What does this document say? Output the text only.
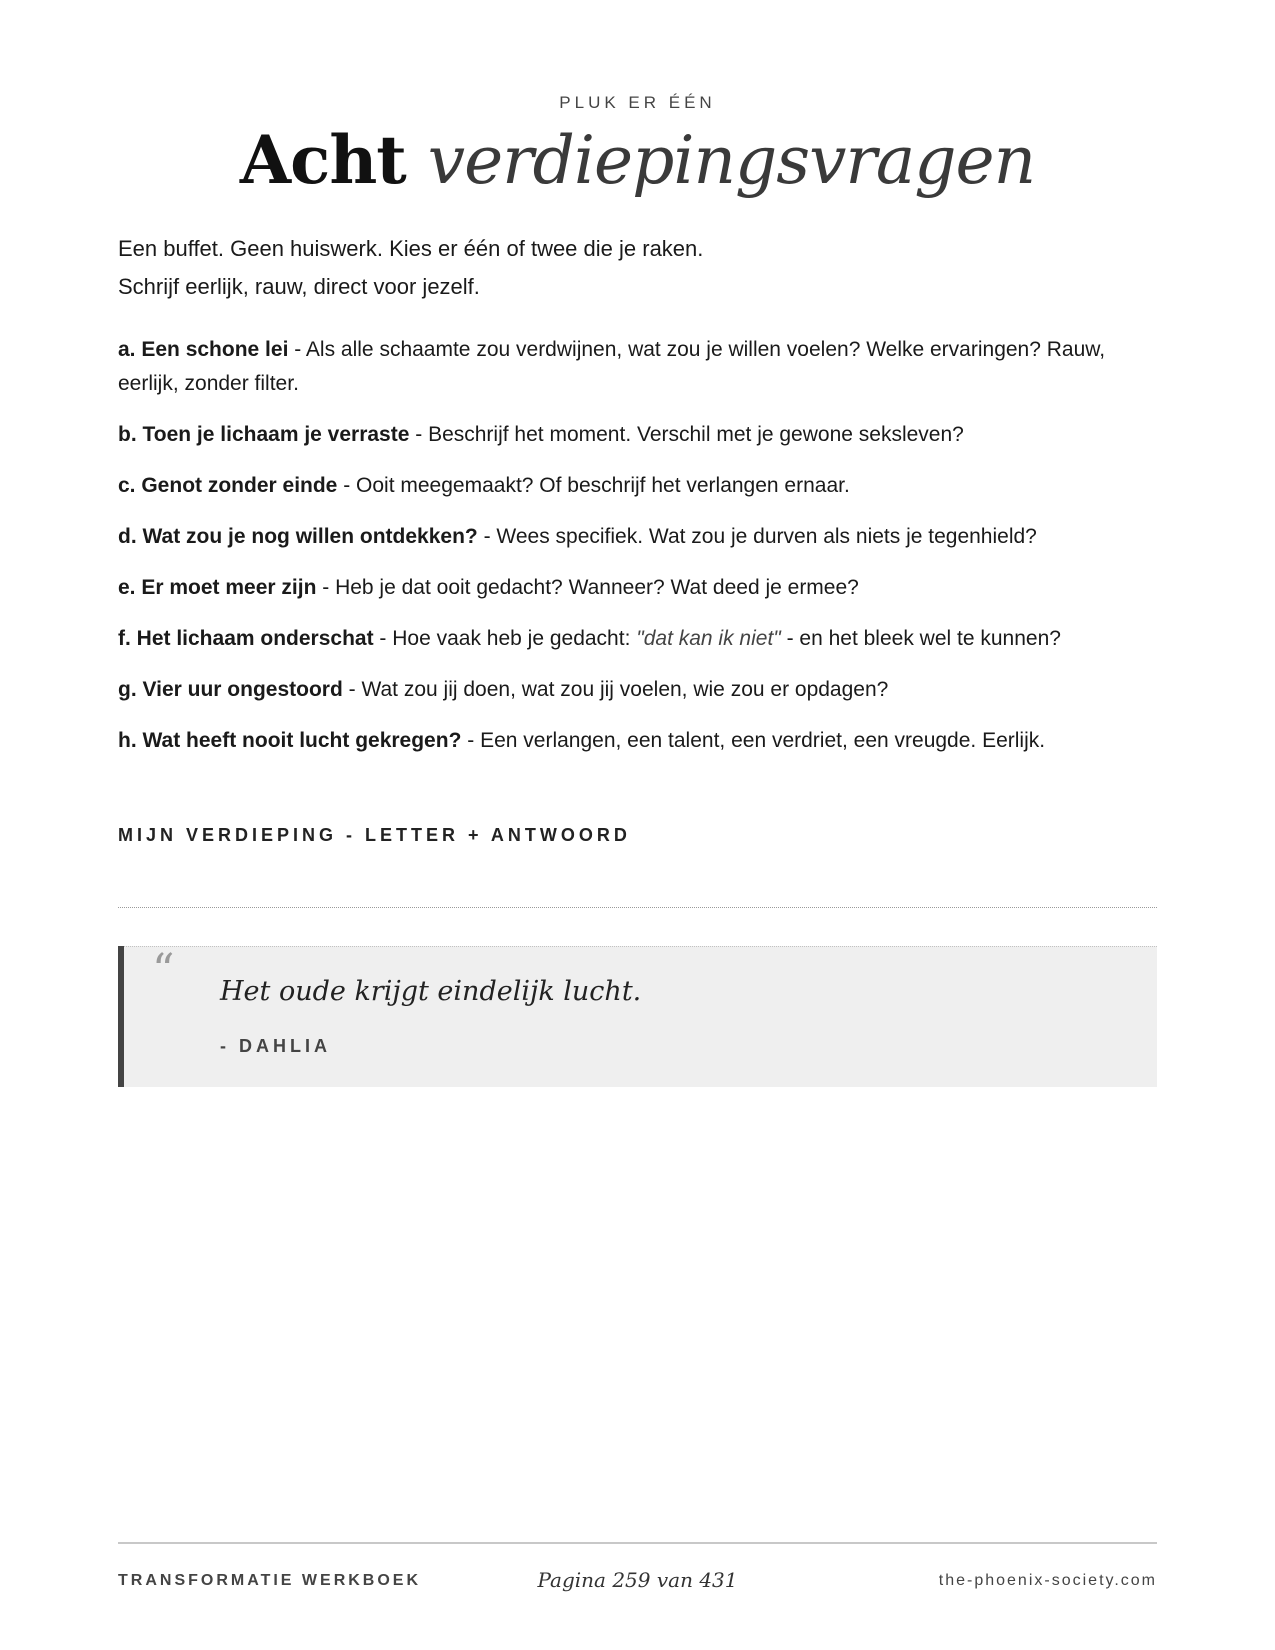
PLUK ER ÉÉN
Acht verdiepingsvragen

Een buffet. Geen huiswerk. Kies er één of twee die je raken.

Schrijf eerlijk, rauw, direct voor jezelf.

a. Een schone lei - Als alle schaamte zou verdwijnen, wat zou je willen voelen? Welke ervaringen? Rauw, eerlijk, zonder filter.
b. Toen je lichaam je verraste - Beschrijf het moment. Verschil met je gewone seksleven?
c. Genot zonder einde - Ooit meegemaakt? Of beschrijf het verlangen ernaar.
d. Wat zou je nog willen ontdekken? - Wees specifiek. Wat zou je durven als niets je tegenhield?
e. Er moet meer zijn - Heb je dat ooit gedacht? Wanneer? Wat deed je ermee?
f. Het lichaam onderschat - Hoe vaak heb je gedacht: "dat kan ik niet" - en het bleek wel te kunnen?
g. Vier uur ongestoord - Wat zou jij doen, wat zou jij voelen, wie zou er opdagen?
h. Wat heeft nooit lucht gekregen? - Een verlangen, een talent, een verdriet, een vreugde. Eerlijk.
MIJN VERDIEPING - LETTER + ANTWOORD
“ Het oude krijgt eindelijk lucht.
- DAHLIA
TRANSFORMATIE WERKBOEK	Pagina 259 van 431	the-phoenix-society.com
